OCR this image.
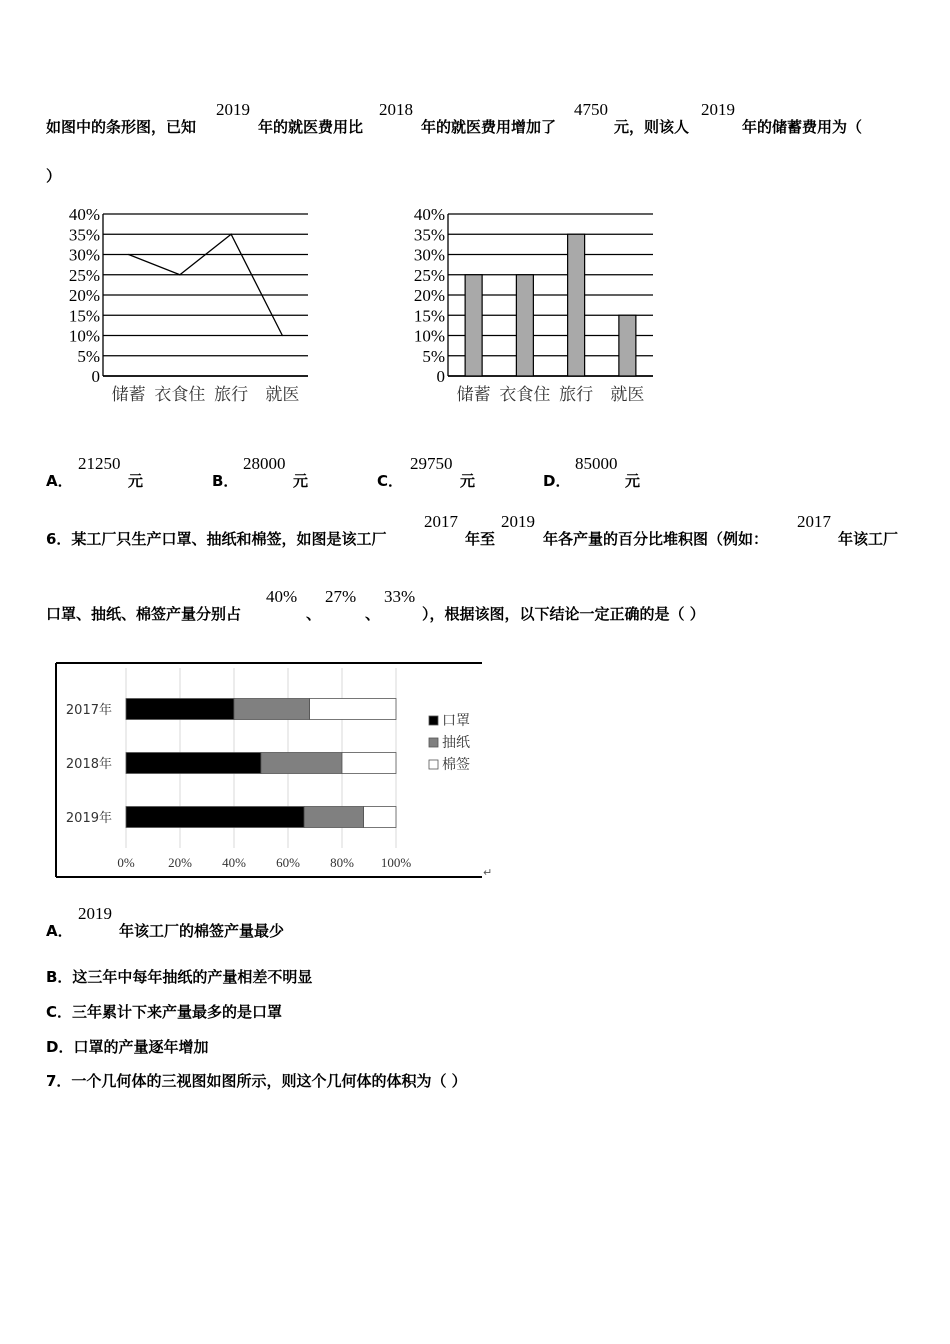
如图中的条形图，已知
2019
年的就医费用比
2018
年的就医费用增加了
4750
元，则该人
2019
年的储蓄费用为（
）
0
5%
10%
15%
20%
25%
30%
35%
40%
储蓄 衣食住 旅行 就医
0
5%
10%
15%
20%
25%
30%
35%
40%
储蓄 衣食住 旅行 就医
A．
21250
元	B．
28000
元	C．
29750
元	D．
85000
元
6．某工厂只生产口罩、抽纸和棉签，如图是该工厂
2017
年至
2019
年各产量的百分比堆积图（例如：
2017
年该工厂
口罩、抽纸、棉签产量分别占
40%
、
27%
、
33%
），根据该图，以下结论一定正确的是（ ）
2017年
2018年
2019年
0%	20% 40% 60% 80% 100%
口罩
抽纸
棉签
↵
A．
2019
年该工厂的棉签产量最少
B．这三年中每年抽纸的产量相差不明显
C．三年累计下来产量最多的是口罩
D．口罩的产量逐年增加
7．一个几何体的三视图如图所示，则这个几何体的体积为（ ）
